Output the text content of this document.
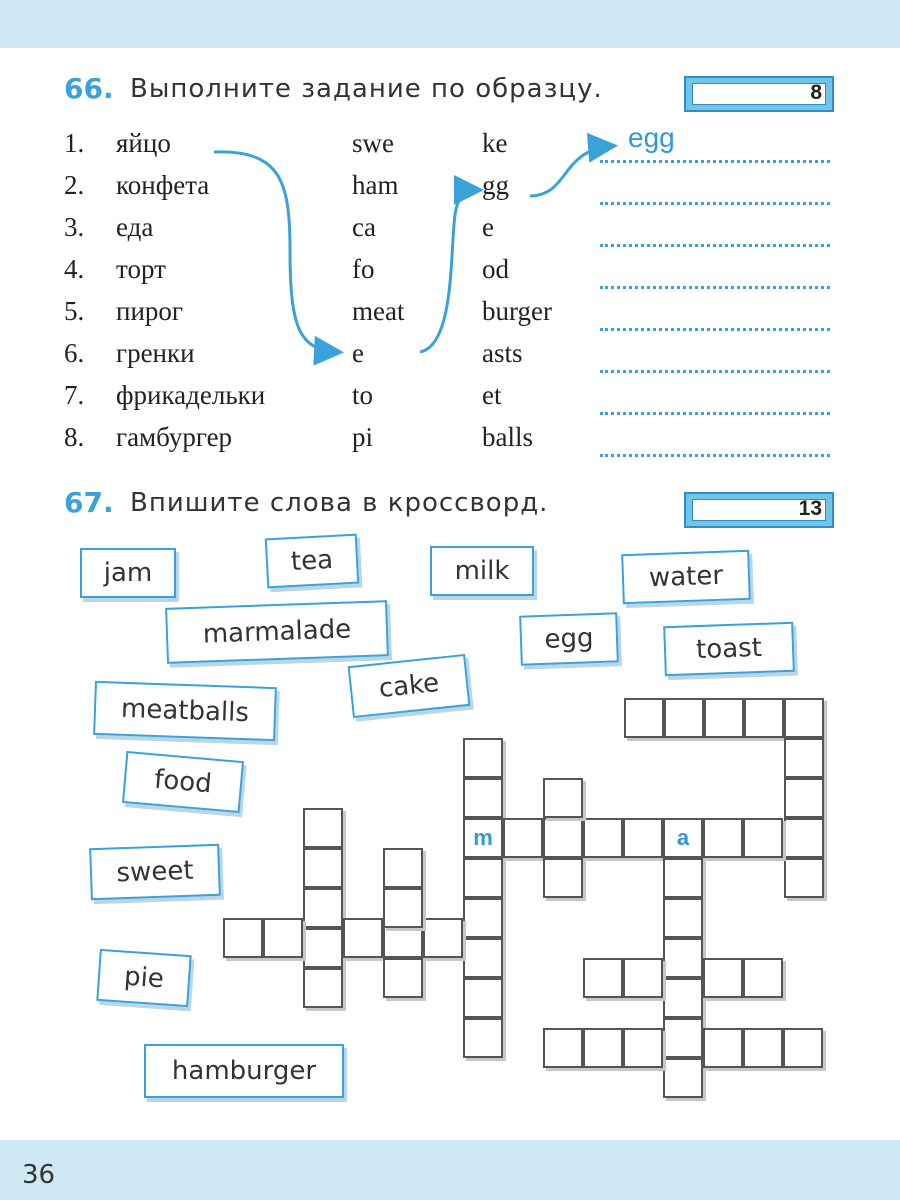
66. Выполните задание по образцу.	8
1. яйцо	swe	ke
2. конфета	ham	gg
3. еда	ca	e
4. торт	fo	od
5. пирог	meat	burger
6. гренки	e	asts
7. фрикадельки	to	et
8. гамбургер	pi	balls
egg
67. Впишите слова в кроссворд.	13
jam	tea	milk	water
marmalade	egg	toast
cake
meatballs
food
sweet
pie
hamburger
m	a
36
